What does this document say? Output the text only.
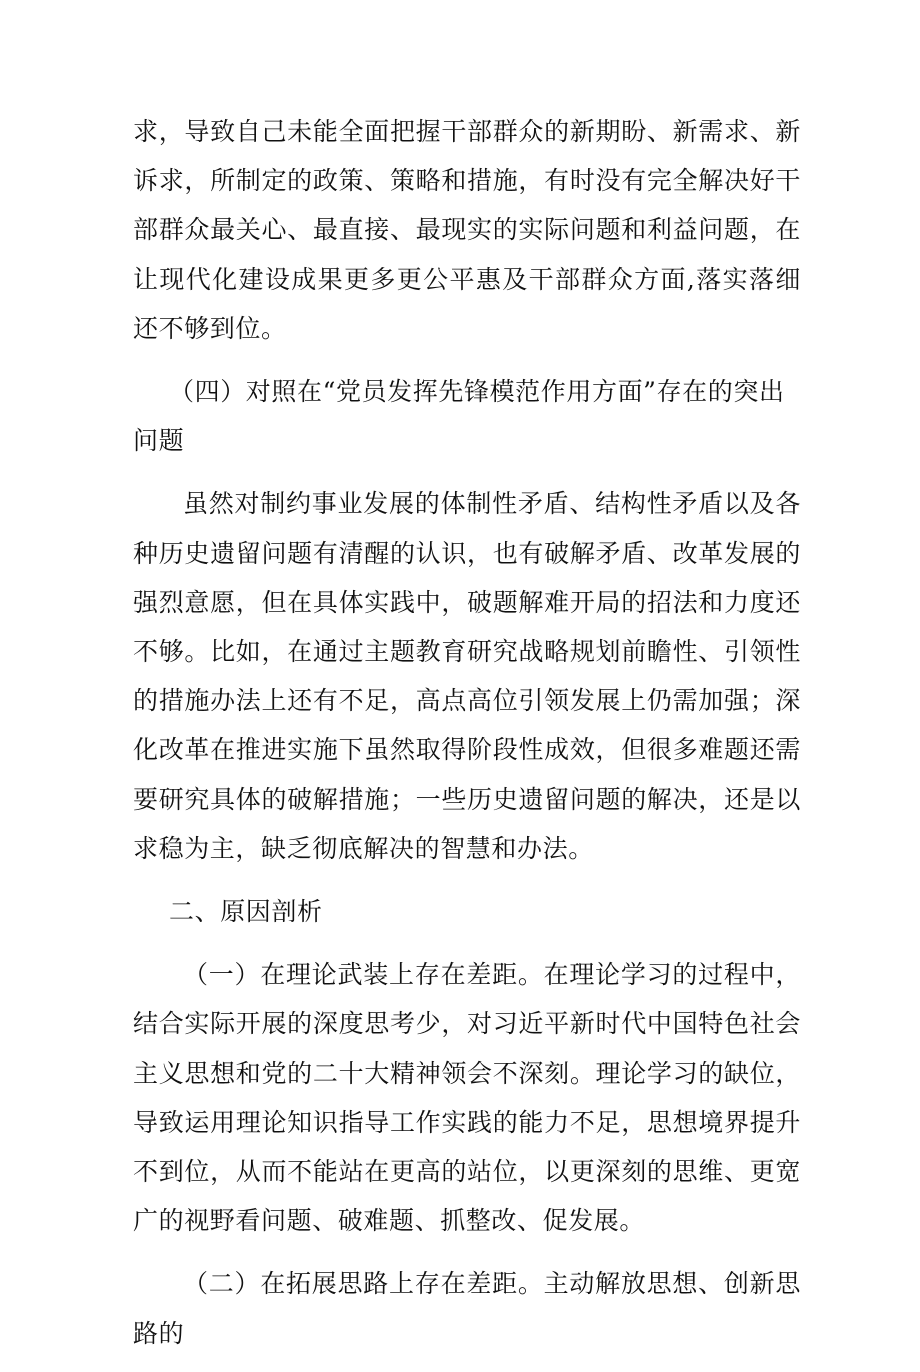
求，导致自己未能全面把握干部群众的新期盼、新需求、新诉求，所制定的政策、策略和措施，有时没有完全解决好干部群众最关心、最直接、最现实的实际问题和利益问题，在让现代化建设成果更多更公平惠及干部群众方面,落实落细还不够到位。

（四）对照在“党员发挥先锋模范作用方面”存在的突出问题

虽然对制约事业发展的体制性矛盾、结构性矛盾以及各种历史遗留问题有清醒的认识，也有破解矛盾、改革发展的强烈意愿，但在具体实践中，破题解难开局的招法和力度还不够。比如，在通过主题教育研究战略规划前瞻性、引领性的措施办法上还有不足，高点高位引领发展上仍需加强；深化改革在推进实施下虽然取得阶段性成效，但很多难题还需要研究具体的破解措施；一些历史遗留问题的解决，还是以求稳为主，缺乏彻底解决的智慧和办法。

二、原因剖析

（一）在理论武装上存在差距。在理论学习的过程中，结合实际开展的深度思考少，对习近平新时代中国特色社会主义思想和党的二十大精神领会不深刻。理论学习的缺位，导致运用理论知识指导工作实践的能力不足，思想境界提升不到位，从而不能站在更高的站位，以更深刻的思维、更宽广的视野看问题、破难题、抓整改、促发展。

（二）在拓展思路上存在差距。主动解放思想、创新思路的
